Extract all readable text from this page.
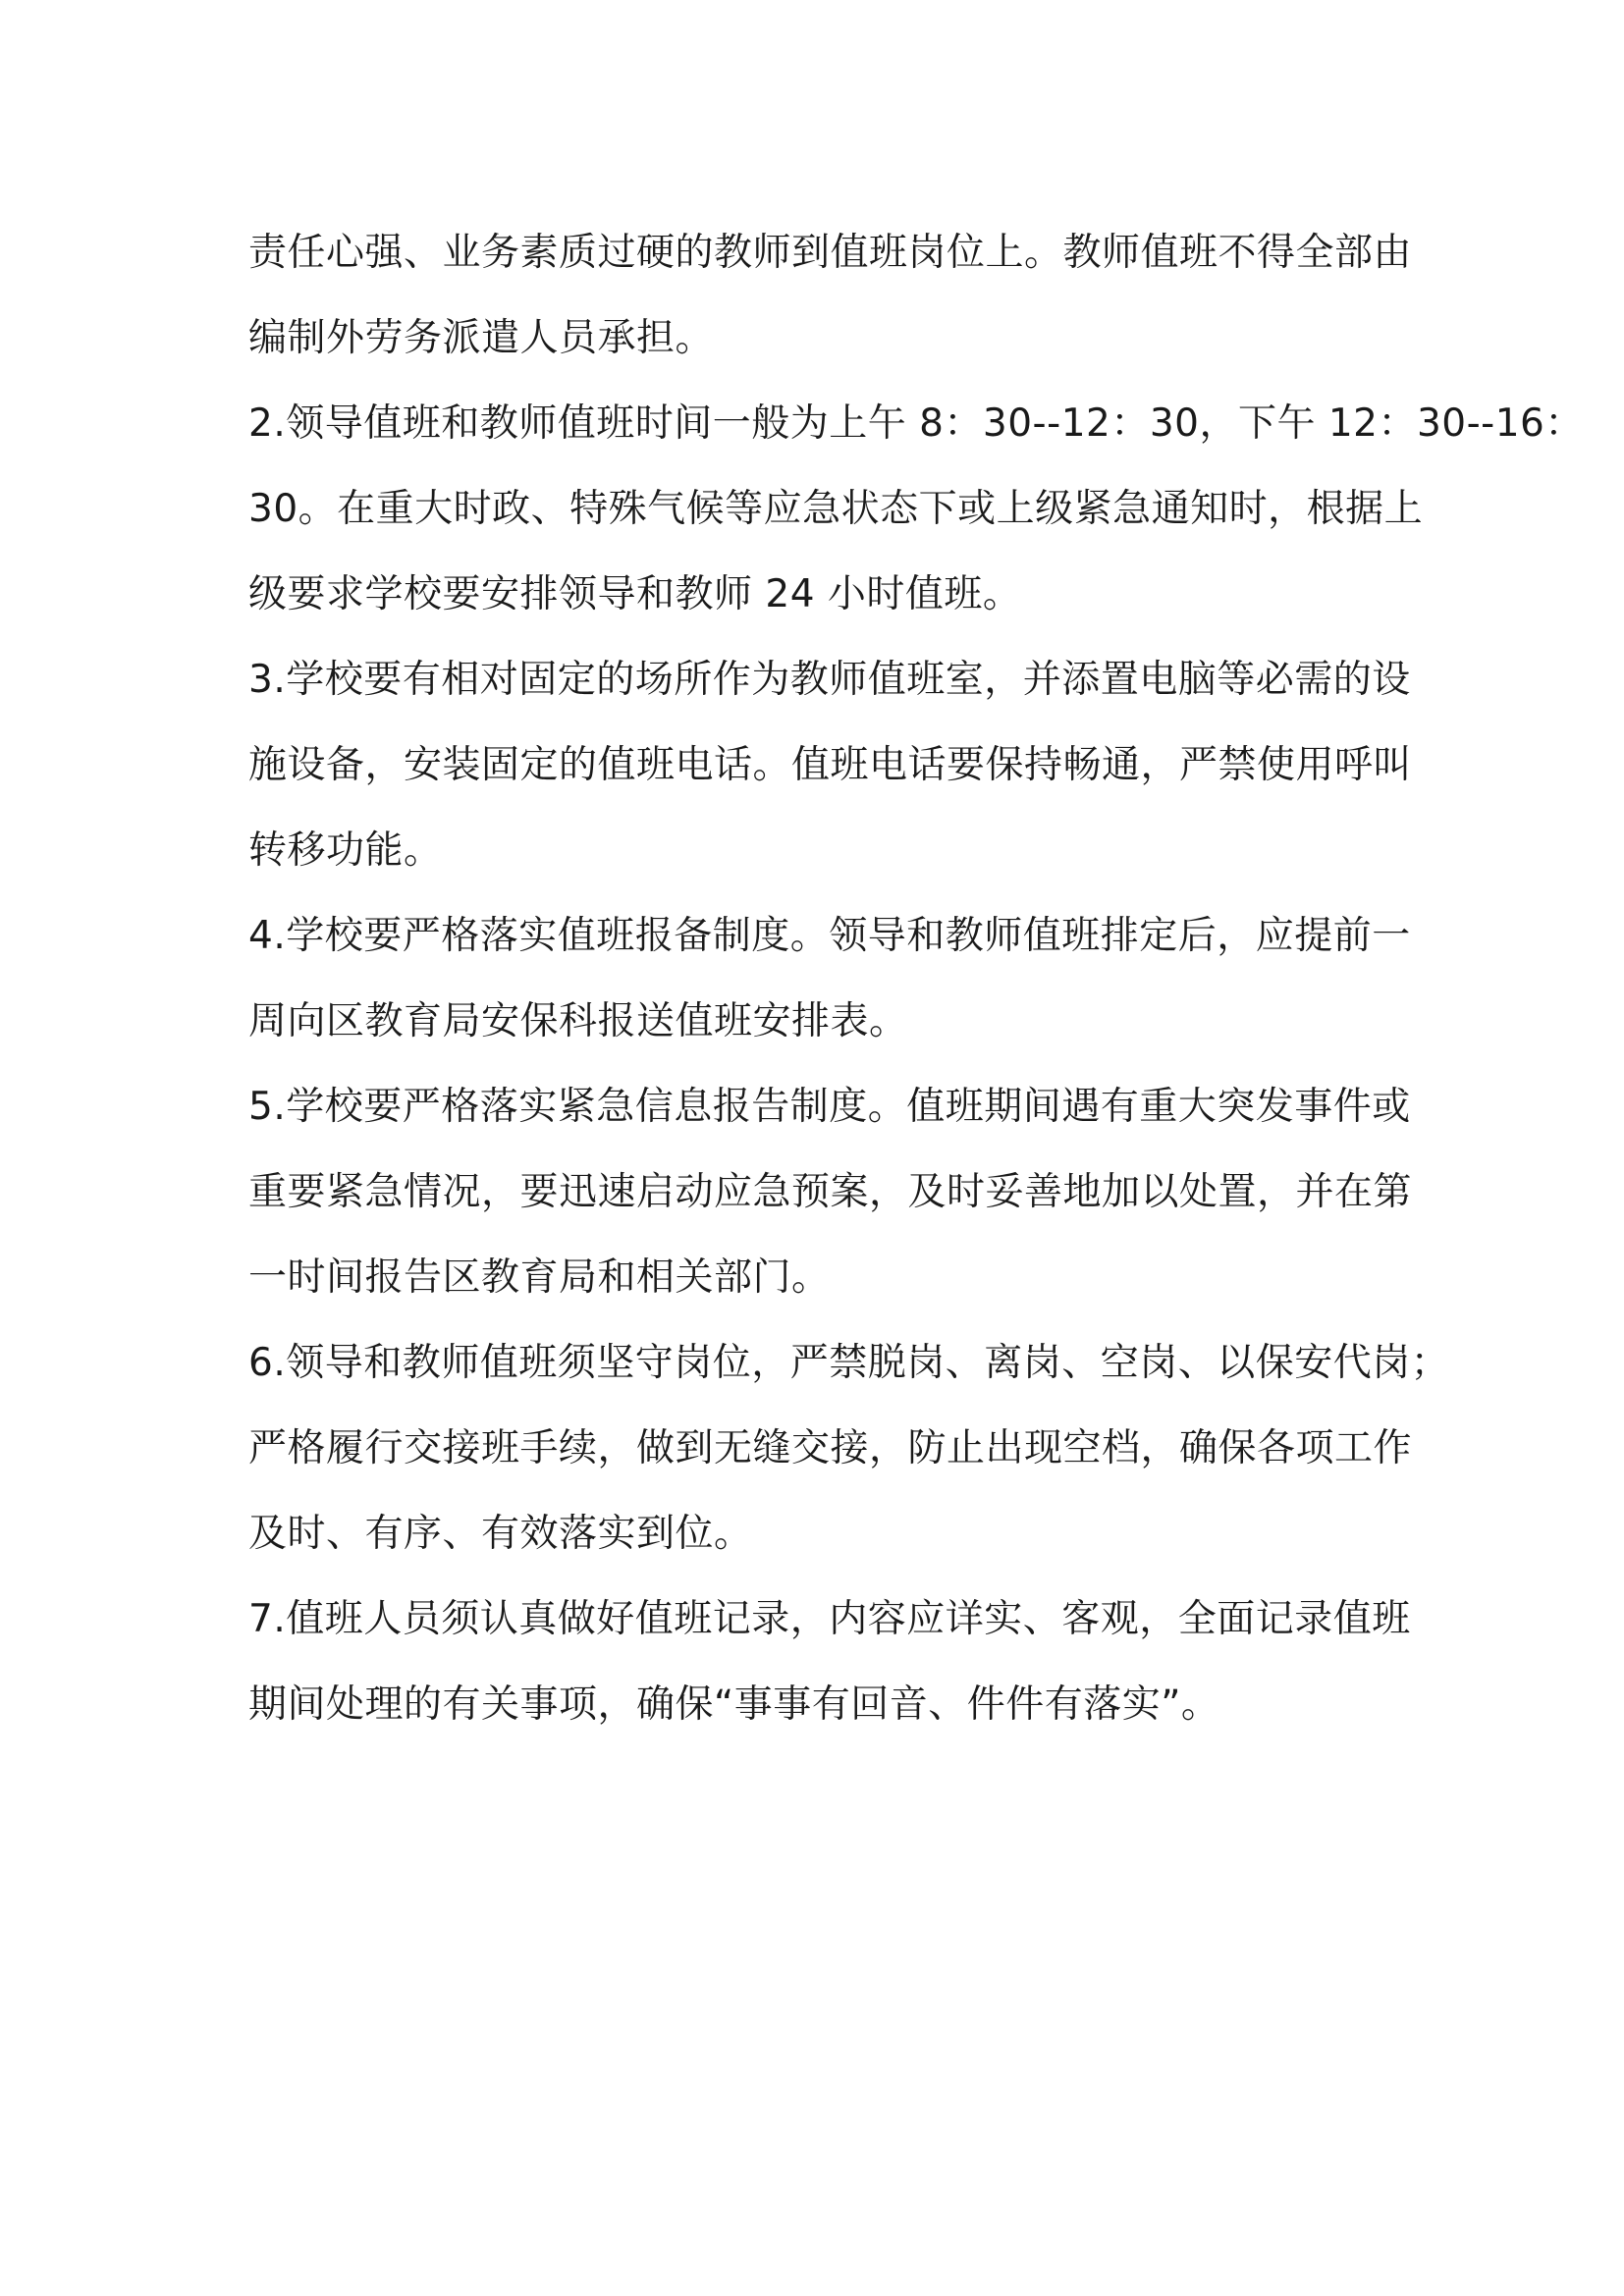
责任心强、业务素质过硬的教师到值班岗位上。教师值班不得全部由
编制外劳务派遣人员承担。
2.领导值班和教师值班时间一般为上午 8：30--12：30，下午 12：30--16：
30。在重大时政、特殊气候等应急状态下或上级紧急通知时，根据上
级要求学校要安排领导和教师 24 小时值班。
3.学校要有相对固定的场所作为教师值班室，并添置电脑等必需的设
施设备，安装固定的值班电话。值班电话要保持畅通，严禁使用呼叫
转移功能。
4.学校要严格落实值班报备制度。领导和教师值班排定后，应提前一
周向区教育局安保科报送值班安排表。
5.学校要严格落实紧急信息报告制度。值班期间遇有重大突发事件或
重要紧急情况，要迅速启动应急预案，及时妥善地加以处置，并在第
一时间报告区教育局和相关部门。
6.领导和教师值班须坚守岗位，严禁脱岗、离岗、空岗、以保安代岗；
严格履行交接班手续，做到无缝交接，防止出现空档，确保各项工作
及时、有序、有效落实到位。
7.值班人员须认真做好值班记录，内容应详实、客观，全面记录值班
期间处理的有关事项，确保“事事有回音、件件有落实”。
